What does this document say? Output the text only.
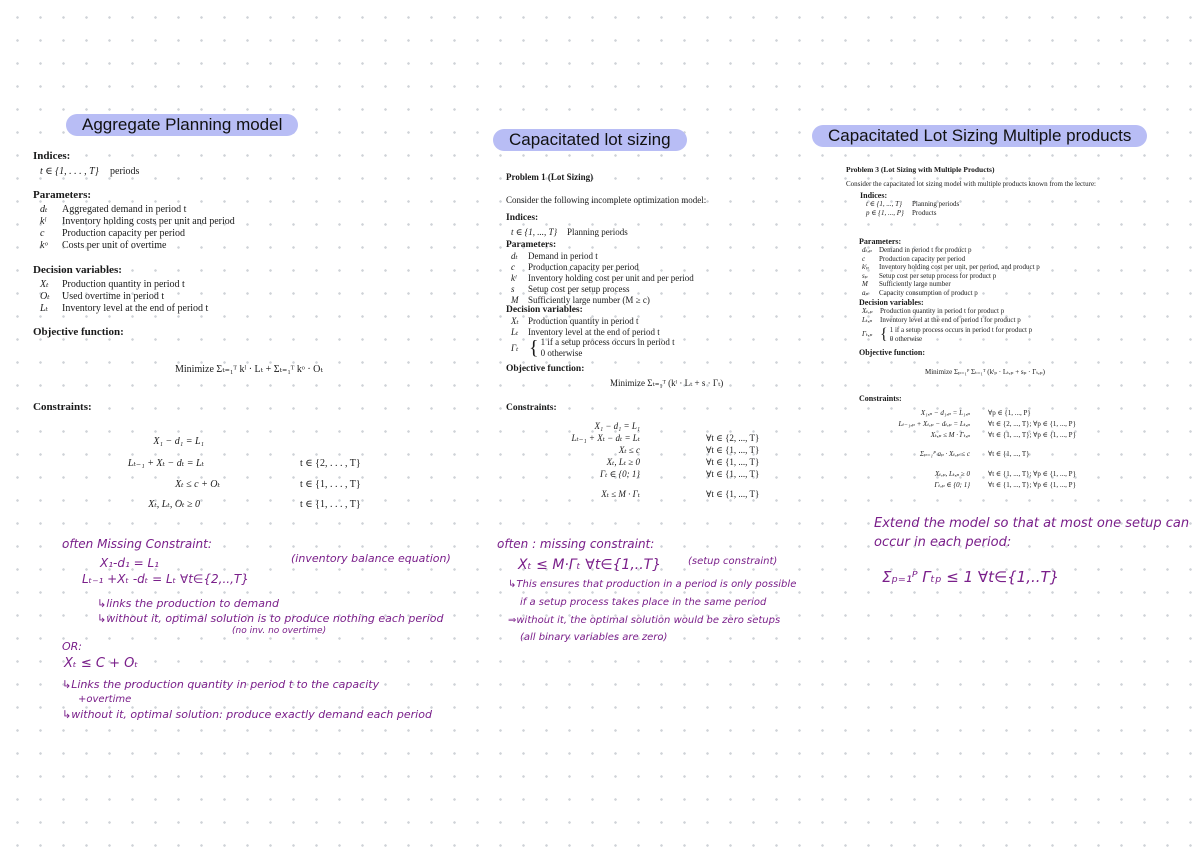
Aggregate Planning model
Indices:
t ∈ {1, . . . , T} periods
Parameters:
dₜ Aggregated demand in period t
kˡ Inventory holding costs per unit and period
c Production capacity per period
kᵒ Costs per unit of overtime
Decision variables:
Xₜ Production quantity in period t
Oₜ Used overtime in period t
Lₜ Inventory level at the end of period t
Objective function:
Minimize Σₜ₌₁ᵀ kˡ · Lₜ + Σₜ₌₁ᵀ kᵒ · Oₜ
Constraints:
X₁ − d₁ = L₁
Lₜ₋₁ + Xₜ − dₜ = Lₜ	t ∈ {2, . . . , T}
Xₜ ≤ c + Oₜ	t ∈ {1, . . . , T}
Xₜ, Lₜ, Oₜ ≥ 0	t ∈ {1, . . . , T}
Capacitated lot sizing
Problem 1 (Lot Sizing)
Consider the following incomplete optimization model:
Indices:
t ∈ {1, ..., T} Planning periods
Parameters:
dₜ Demand in period t
c Production capacity per period
kˡ Inventory holding cost per unit and per period
s Setup cost per setup process
M Sufficiently large number (M ≥ c)
Decision variables:
Xₜ Production quantity in period t
Lₜ Inventory level at the end of period t
Γₜ { 1 if a setup process occurs in period t
0 otherwise
Objective function:
Minimize Σₜ₌₁ᵀ (kˡ · Lₜ + s · Γₜ)
Constraints:
X₁ − d₁ = L₁
Lₜ₋₁ + Xₜ − dₜ = Lₜ	∀t ∈ {2, ..., T}
Xₜ ≤ c	∀t ∈ {1, ..., T}
Xₜ, Lₜ ≥ 0	∀t ∈ {1, ..., T}
Γₜ ∈ {0; 1}	∀t ∈ {1, ..., T}
Xₜ ≤ M · Γₜ	∀t ∈ {1, ..., T}
Capacitated Lot Sizing Multiple products
Problem 3 (Lot Sizing with Multiple Products)
Consider the capacitated lot sizing model with multiple products known from the lecture:
Indices:
t ∈ {1, ..., T} Planning periods
p ∈ {1, ..., P} Products
Parameters:
dₜ,ₚ Demand in period t for product p
c Production capacity per period
kˡₚ Inventory holding cost per unit, per period, and product p
sₚ Setup cost per setup process for product p
M Sufficiently large number
aₚ Capacity consumption of product p
Decision variables:
Xₜ,ₚ Production quantity in period t for product p
Lₜ,ₚ Inventory level at the end of period t for product p
Γₜ,ₚ { 1 if a setup process occurs in period t for product p
0 otherwise
Objective function:
Minimize Σₚ₌₁ᴾ Σₜ₌₁ᵀ (kˡₚ · Lₜ,ₚ + sₚ · Γₜ,ₚ)
Constraints:
X₁,ₚ − d₁,ₚ = L₁,ₚ	∀p ∈ {1, ..., P}
Lₜ₋₁,ₚ + Xₜ,ₚ − dₜ,ₚ = Lₜ,ₚ	∀t ∈ {2, ..., T}; ∀p ∈ {1, ..., P}
Xₜ,ₚ ≤ M · Γₜ,ₚ	∀t ∈ {1, ..., T}; ∀p ∈ {1, ..., P}
Σₚ₌₁ᴾ aₚ · Xₜ,ₚ ≤ c	∀t ∈ {1, ..., T}
Xₜ,ₚ, Lₜ,ₚ ≥ 0	∀t ∈ {1, ..., T}; ∀p ∈ {1, ..., P}
Γₜ,ₚ ∈ {0; 1}	∀t ∈ {1, ..., T}; ∀p ∈ {1, ..., P}
often Missing Constraint:
X₁-d₁ = L₁	(inventory balance equation)
Lₜ₋₁ +Xₜ -dₜ = Lₜ ∀t∈{2,..,T}
↳links the production to demand
↳without it, optimal solution is to produce nothing each period
(no inv. no overtime)
OR:
Xₜ ≤ C + Oₜ
↳Links the production quantity in period t to the capacity
+overtime
↳without it, optimal solution: produce exactly demand each period
often : missing constraint:
Xₜ ≤ M·Γₜ ∀t∈{1,..T}	(setup constraint)
↳This ensures that production in a period is only possible
if a setup process takes place in the same period
⇒without it, the optimal solution would be zero setups
(all binary variables are zero)
Extend the model so that at most one setup can
occur in each period:
Σₚ₌₁ᴾ Γₜₚ ≤ 1 ∀t∈{1,..T}
